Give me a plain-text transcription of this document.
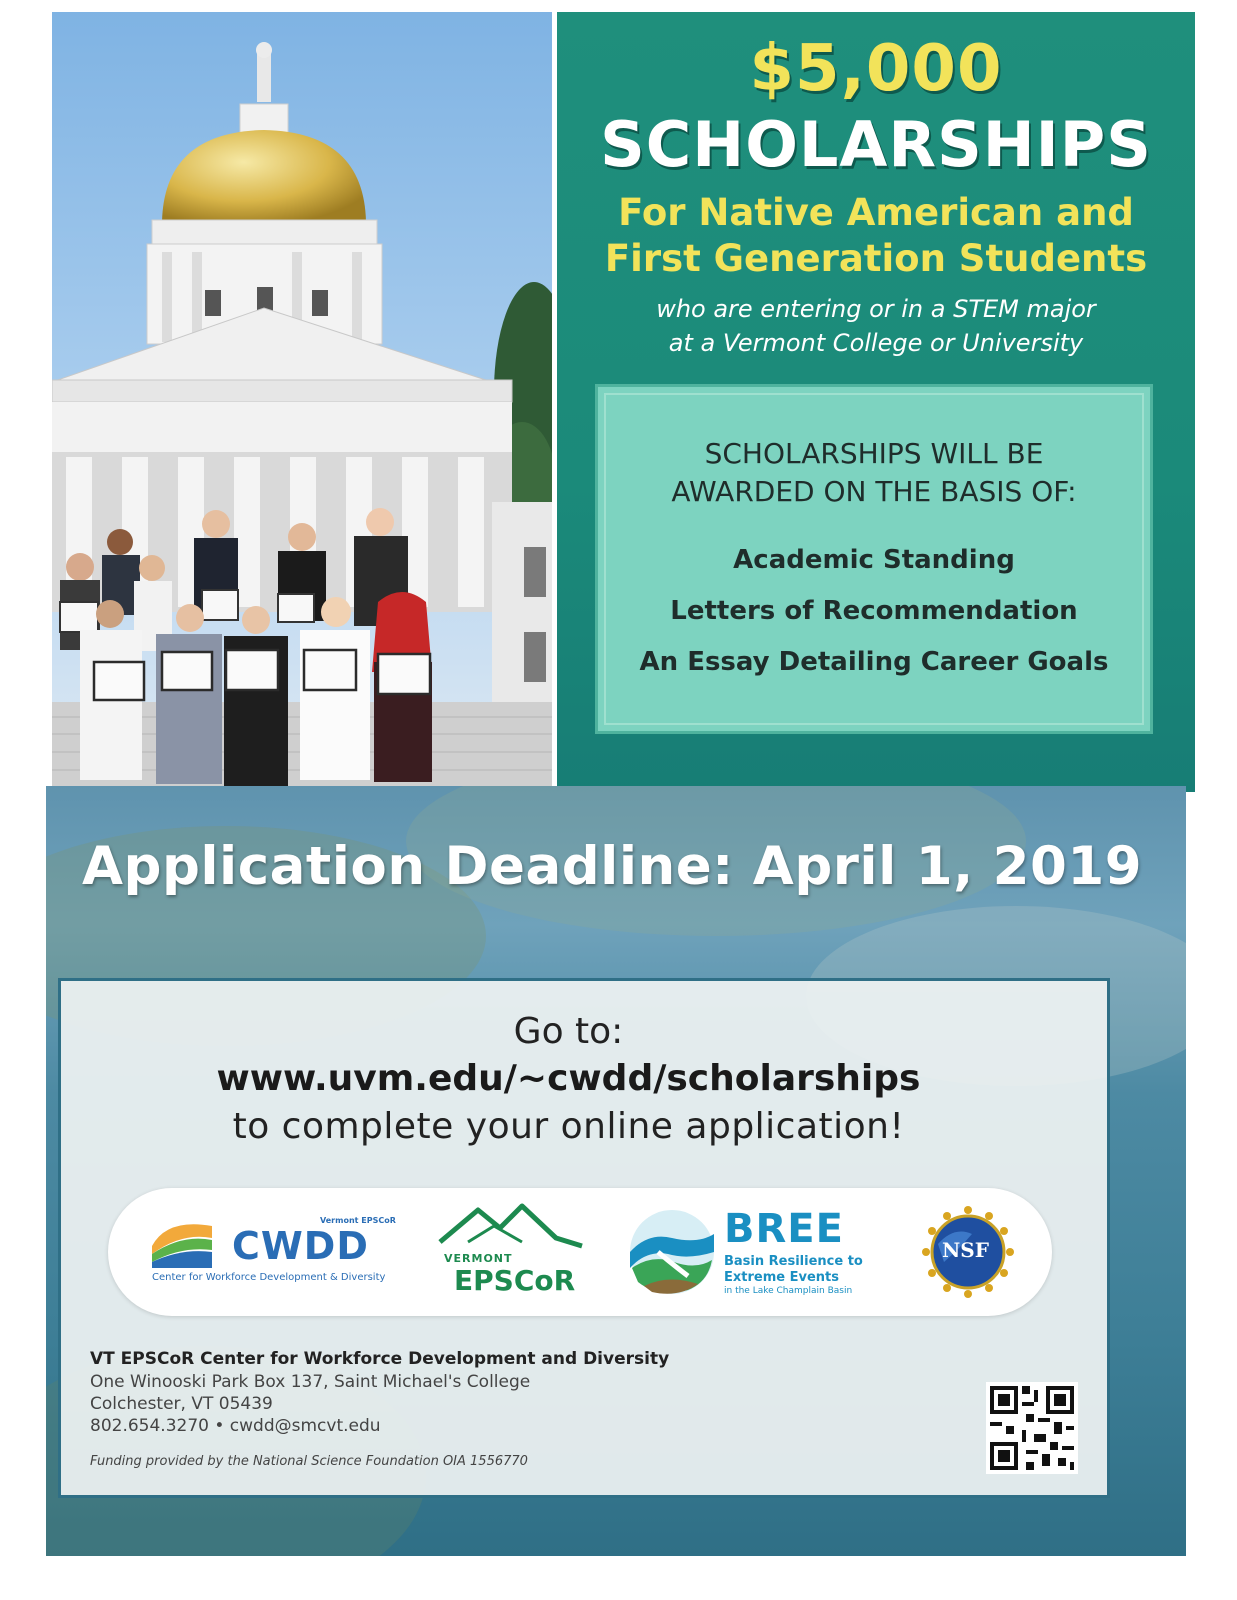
$5,000
SCHOLARSHIPS
For Native American and
First Generation Students
who are entering or in a STEM major
at a Vermont College or University
SCHOLARSHIPS WILL BE
AWARDED ON THE BASIS OF:
Academic Standing
Letters of Recommendation
An Essay Detailing Career Goals
Application Deadline: April 1, 2019
Go to:
www.uvm.edu/~cwdd/scholarships
to complete your online application!
Vermont EPSCoR
CWDD
Center for Workforce Development & Diversity
VERMONT
EPSCoR
BREE
Basin Resilience to
Extreme Events
in the Lake Champlain Basin
NSF
VT EPSCoR Center for Workforce Development and Diversity
One Winooski Park Box 137, Saint Michael's College
Colchester, VT 05439
802.654.3270 • cwdd@smcvt.edu
Funding provided by the National Science Foundation OIA 1556770
